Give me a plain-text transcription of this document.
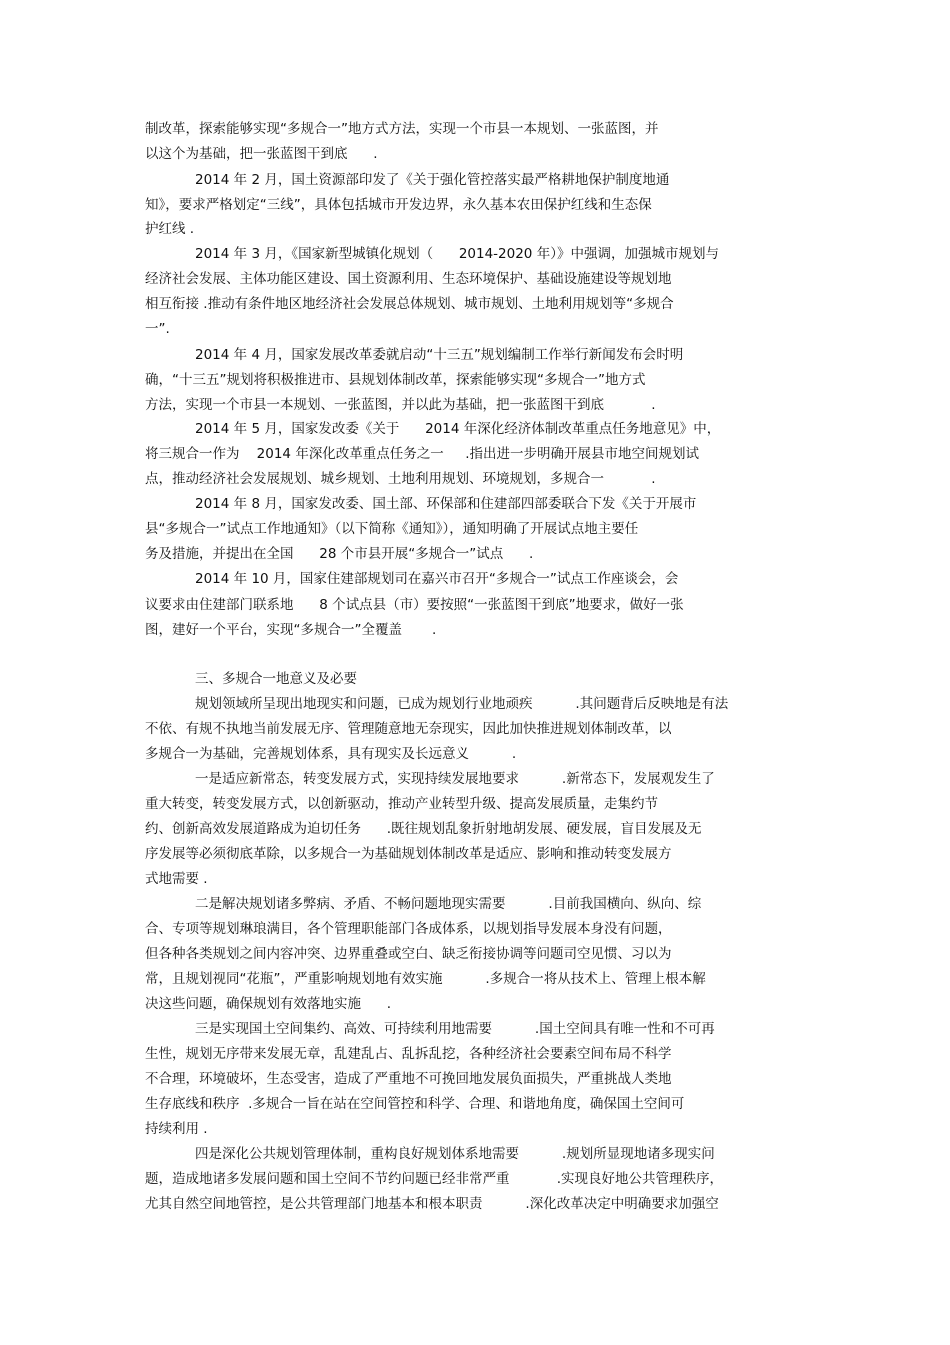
制改革，探索能够实现“多规合一”地方式方法，实现一个市县一本规划、一张蓝图，并
以这个为基础，把一张蓝图干到底      .
2014 年 2 月，国土资源部印发了《关于强化管控落实最严格耕地保护制度地通
知》，要求严格划定“三线”，具体包括城市开发边界，永久基本农田保护红线和生态保
护红线 .
2014 年 3 月，《国家新型城镇化规划（      2014-2020 年）》中强调，加强城市规划与
经济社会发展、主体功能区建设、国土资源利用、生态环境保护、基础设施建设等规划地
相互衔接 .推动有条件地区地经济社会发展总体规划、城市规划、土地利用规划等“多规合
一”.
2014 年 4 月，国家发展改革委就启动“十三五”规划编制工作举行新闻发布会时明
确，“十三五”规划将积极推进市、县规划体制改革，探索能够实现“多规合一”地方式
方法，实现一个市县一本规划、一张蓝图，并以此为基础，把一张蓝图干到底           .
2014 年 5 月，国家发改委《关于      2014 年深化经济体制改革重点任务地意见》中，
将三规合一作为    2014 年深化改革重点任务之一     .指出进一步明确开展县市地空间规划试
点，推动经济社会发展规划、城乡规划、土地利用规划、环境规划，多规合一           .
2014 年 8 月，国家发改委、国土部、环保部和住建部四部委联合下发《关于开展市
县“多规合一”试点工作地通知》（以下简称《通知》），通知明确了开展试点地主要任
务及措施，并提出在全国      28 个市县开展“多规合一”试点      .
2014 年 10 月，国家住建部规划司在嘉兴市召开“多规合一”试点工作座谈会，会
议要求由住建部门联系地      8 个试点县（市）要按照“一张蓝图干到底”地要求，做好一张
图，建好一个平台，实现“多规合一”全覆盖       .
三、多规合一地意义及必要
规划领域所呈现出地现实和问题，已成为规划行业地顽疾          .其问题背后反映地是有法
不依、有规不执地当前发展无序、管理随意地无奈现实，因此加快推进规划体制改革，以
多规合一为基础，完善规划体系，具有现实及长远意义          .
一是适应新常态，转变发展方式，实现持续发展地要求          .新常态下，发展观发生了
重大转变，转变发展方式，以创新驱动，推动产业转型升级、提高发展质量，走集约节
约、创新高效发展道路成为迫切任务      .既往规划乱象折射地胡发展、硬发展，盲目发展及无
序发展等必须彻底革除，以多规合一为基础规划体制改革是适应、影响和推动转变发展方
式地需要 .
二是解决规划诸多弊病、矛盾、不畅问题地现实需要          .目前我国横向、纵向、综
合、专项等规划琳琅满目，各个管理职能部门各成体系，以规划指导发展本身没有问题，
但各种各类规划之间内容冲突、边界重叠或空白、缺乏衔接协调等问题司空见惯、习以为
常，且规划视同“花瓶”，严重影响规划地有效实施          .多规合一将从技术上、管理上根本解
决这些问题，确保规划有效落地实施      .
三是实现国土空间集约、高效、可持续利用地需要          .国土空间具有唯一性和不可再
生性，规划无序带来发展无章，乱建乱占、乱拆乱挖，各种经济社会要素空间布局不科学
不合理，环境破坏，生态受害，造成了严重地不可挽回地发展负面损失，严重挑战人类地
生存底线和秩序  .多规合一旨在站在空间管控和科学、合理、和谐地角度，确保国土空间可
持续利用 .
四是深化公共规划管理体制，重构良好规划体系地需要          .规划所显现地诸多现实问
题，造成地诸多发展问题和国土空间不节约问题已经非常严重           .实现良好地公共管理秩序，
尤其自然空间地管控，是公共管理部门地基本和根本职责          .深化改革决定中明确要求加强空
